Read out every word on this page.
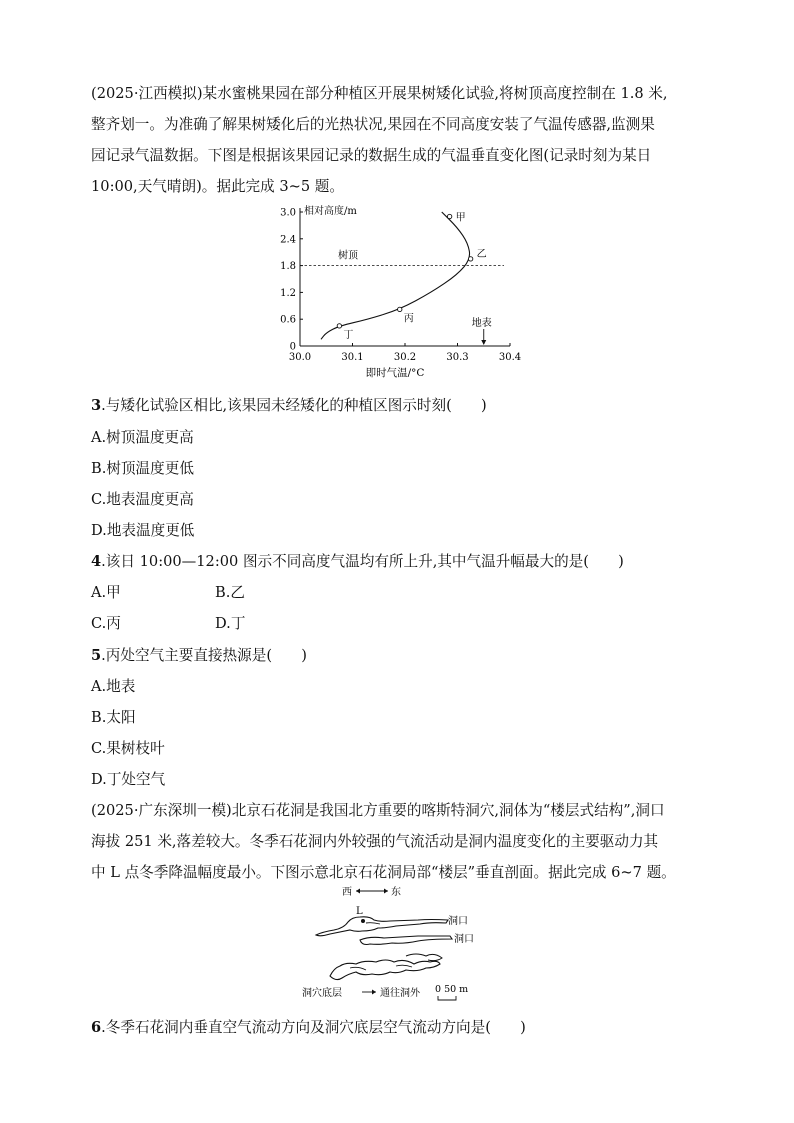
(2025·江西模拟)某水蜜桃果园在部分种植区开展果树矮化试验,将树顶高度控制在 1.8 米,
整齐划一。为准确了解果树矮化后的光热状况,果园在不同高度安装了气温传感器,监测果
园记录气温数据。下图是根据该果园记录的数据生成的气温垂直变化图(记录时刻为某日
10:00,天气晴朗)。据此完成 3~5 题。
0
0.6
1.2
1.8
2.4
3.0
30.0	30.1	30.2	30.3	30.4
相对高度/m
即时气温/°C
树顶
地表
甲
乙
丙
丁
3.与矮化试验区相比,该果园未经矮化的种植区图示时刻(　　)
A.树顶温度更高
B.树顶温度更低
C.地表温度更高
D.地表温度更低
4.该日 10:00—12:00 图示不同高度气温均有所上升,其中气温升幅最大的是(　　)
A.甲	B.乙
C.丙	D.丁
5.丙处空气主要直接热源是(　　)
A.地表
B.太阳
C.果树枝叶
D.丁处空气
(2025·广东深圳一模)北京石花洞是我国北方重要的喀斯特洞穴,洞体为“楼层式结构”,洞口
海拔 251 米,落差较大。冬季石花洞内外较强的气流活动是洞内温度变化的主要驱动力其
中 L 点冬季降温幅度最小。下图示意北京石花洞局部“楼层”垂直剖面。据此完成 6~7 题。
西	东
L
洞口
洞口
洞穴底层	通往洞外 0 50 m
6.冬季石花洞内垂直空气流动方向及洞穴底层空气流动方向是(　　)
